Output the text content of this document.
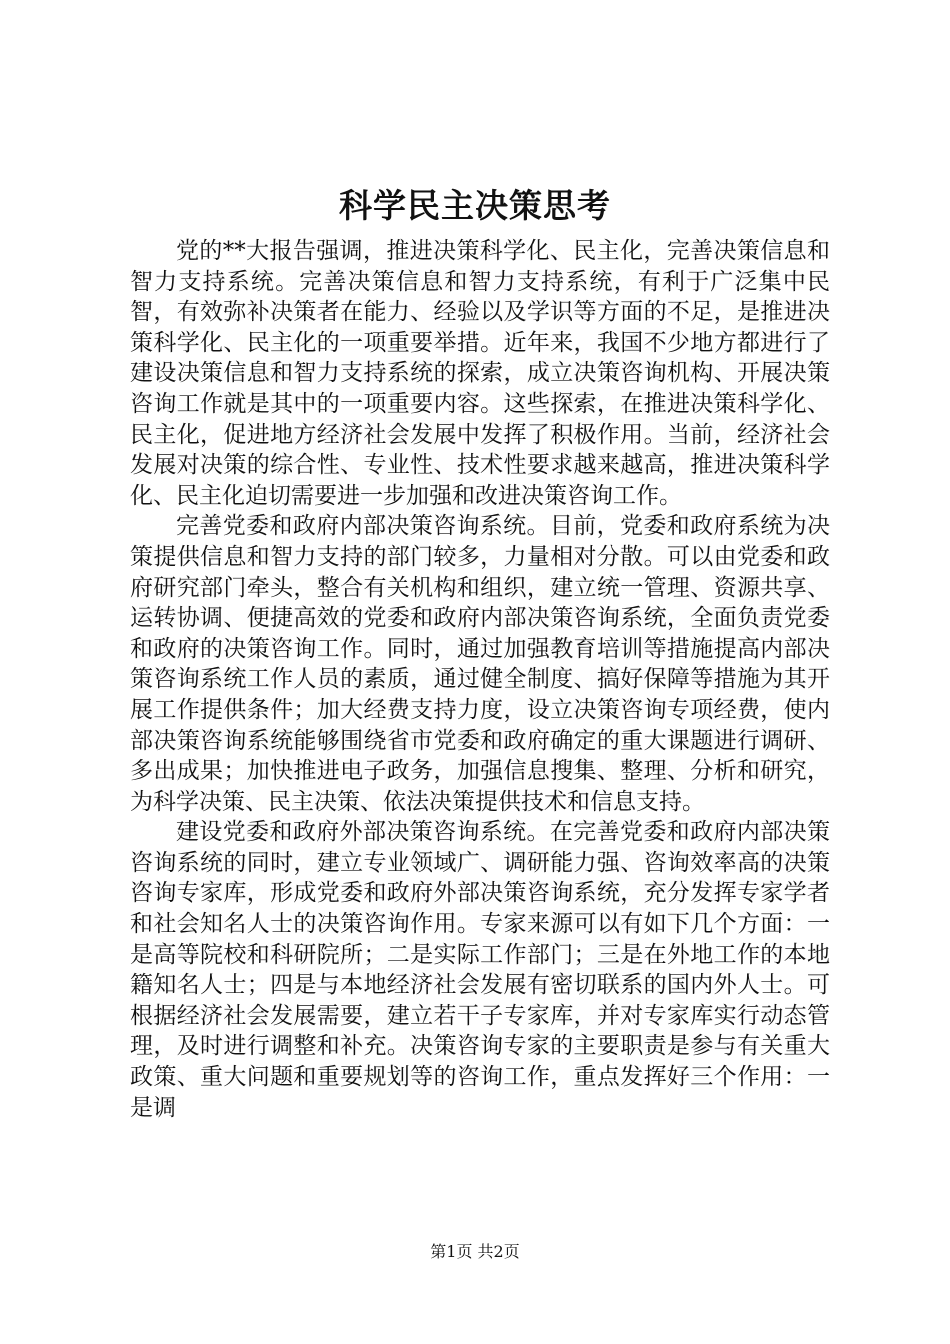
科学民主决策思考

党的**大报告强调，推进决策科学化、民主化，完善决策信息和智力支持系统。完善决策信息和智力支持系统，有利于广泛集中民智，有效弥补决策者在能力、经验以及学识等方面的不足，是推进决策科学化、民主化的一项重要举措。近年来，我国不少地方都进行了建设决策信息和智力支持系统的探索，成立决策咨询机构、开展决策咨询工作就是其中的一项重要内容。这些探索，在推进决策科学化、民主化，促进地方经济社会发展中发挥了积极作用。当前，经济社会发展对决策的综合性、专业性、技术性要求越来越高，推进决策科学化、民主化迫切需要进一步加强和改进决策咨询工作。

完善党委和政府内部决策咨询系统。目前，党委和政府系统为决策提供信息和智力支持的部门较多，力量相对分散。可以由党委和政府研究部门牵头，整合有关机构和组织，建立统一管理、资源共享、运转协调、便捷高效的党委和政府内部决策咨询系统，全面负责党委和政府的决策咨询工作。同时，通过加强教育培训等措施提高内部决策咨询系统工作人员的素质，通过健全制度、搞好保障等措施为其开展工作提供条件；加大经费支持力度，设立决策咨询专项经费，使内部决策咨询系统能够围绕省市党委和政府确定的重大课题进行调研、多出成果；加快推进电子政务，加强信息搜集、整理、分析和研究，为科学决策、民主决策、依法决策提供技术和信息支持。

建设党委和政府外部决策咨询系统。在完善党委和政府内部决策咨询系统的同时，建立专业领域广、调研能力强、咨询效率高的决策咨询专家库，形成党委和政府外部决策咨询系统，充分发挥专家学者和社会知名人士的决策咨询作用。专家来源可以有如下几个方面：一是高等院校和科研院所；二是实际工作部门；三是在外地工作的本地籍知名人士；四是与本地经济社会发展有密切联系的国内外人士。可根据经济社会发展需要，建立若干子专家库，并对专家库实行动态管理，及时进行调整和补充。决策咨询专家的主要职责是参与有关重大政策、重大问题和重要规划等的咨询工作，重点发挥好三个作用：一是调

第1页 共2页
